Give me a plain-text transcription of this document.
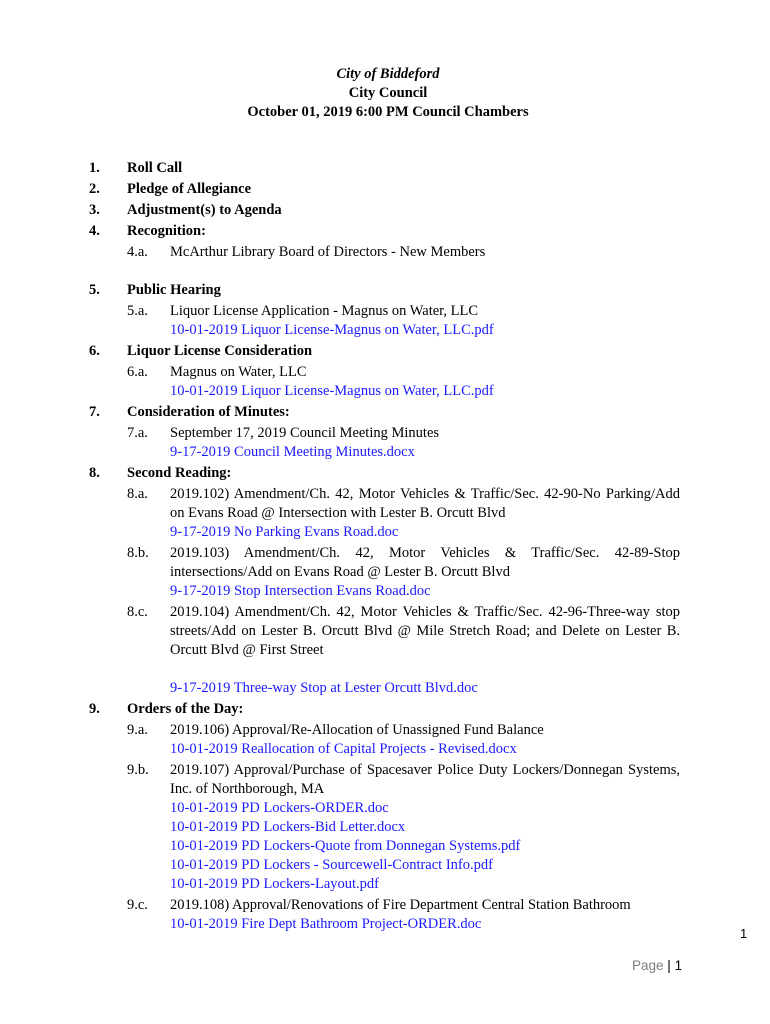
City of Biddeford
City Council
October 01, 2019 6:00 PM Council Chambers
1. Roll Call
2. Pledge of Allegiance
3. Adjustment(s) to Agenda
4. Recognition:
4.a. McArthur Library Board of Directors - New Members
5. Public Hearing
5.a. Liquor License Application - Magnus on Water, LLC
10-01-2019 Liquor License-Magnus on Water, LLC.pdf
6. Liquor License Consideration
6.a. Magnus on Water, LLC
10-01-2019 Liquor License-Magnus on Water, LLC.pdf
7. Consideration of Minutes:
7.a. September 17, 2019 Council Meeting Minutes
9-17-2019 Council Meeting Minutes.docx
8. Second Reading:
8.a. 2019.102) Amendment/Ch. 42, Motor Vehicles & Traffic/Sec. 42-90-No Parking/Add
on Evans Road @ Intersection with Lester B. Orcutt Blvd
9-17-2019 No Parking Evans Road.doc
8.b. 2019.103) Amendment/Ch. 42, Motor Vehicles & Traffic/Sec. 42-89-Stop
intersections/Add on Evans Road @ Lester B. Orcutt Blvd
9-17-2019 Stop Intersection Evans Road.doc
8.c. 2019.104) Amendment/Ch. 42, Motor Vehicles & Traffic/Sec. 42-96-Three-way stop
streets/Add on Lester B. Orcutt Blvd @ Mile Stretch Road; and Delete on Lester B.
Orcutt Blvd @ First Street
9-17-2019 Three-way Stop at Lester Orcutt Blvd.doc
9. Orders of the Day:
9.a. 2019.106) Approval/Re-Allocation of Unassigned Fund Balance
10-01-2019 Reallocation of Capital Projects - Revised.docx
9.b. 2019.107) Approval/Purchase of Spacesaver Police Duty Lockers/Donnegan Systems,
Inc. of Northborough, MA
10-01-2019 PD Lockers-ORDER.doc
10-01-2019 PD Lockers-Bid Letter.docx
10-01-2019 PD Lockers-Quote from Donnegan Systems.pdf
10-01-2019 PD Lockers - Sourcewell-Contract Info.pdf
10-01-2019 PD Lockers-Layout.pdf
9.c. 2019.108) Approval/Renovations of Fire Department Central Station Bathroom
10-01-2019 Fire Dept Bathroom Project-ORDER.doc
1
Page | 1
